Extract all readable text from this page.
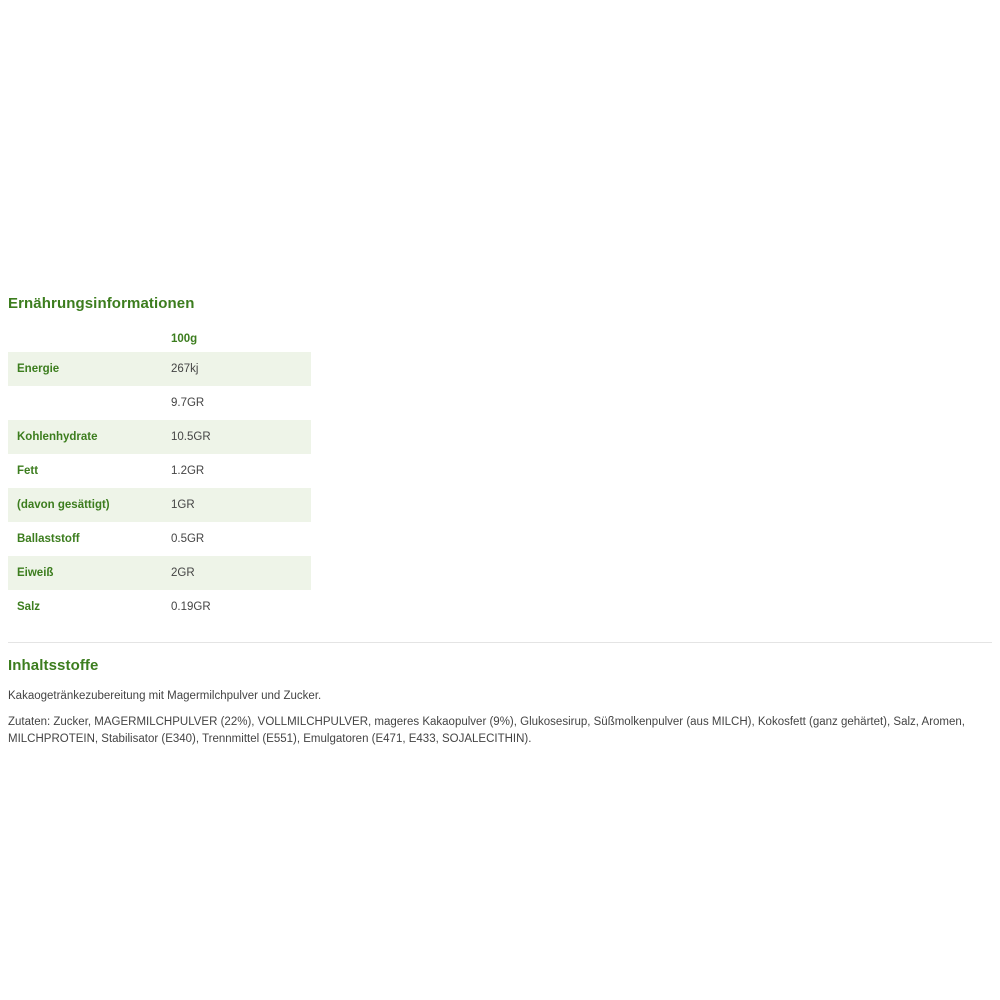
Ernährungsinformationen
	100g
Energie	267kj
	9.7GR
Kohlenhydrate	10.5GR
Fett	1.2GR
(davon gesättigt)	1GR
Ballaststoff	0.5GR
Eiweiß	2GR
Salz	0.19GR
Inhaltsstoffe

Kakaogetränkezubereitung mit Magermilchpulver und Zucker.

Zutaten: Zucker, MAGERMILCHPULVER (22%), VOLLMILCHPULVER, mageres Kakaopulver (9%), Glukosesirup, Süßmolkenpulver (aus MILCH), Kokosfett (ganz gehärtet), Salz, Aromen, MILCHPROTEIN, Stabilisator (E340), Trennmittel (E551), Emulgatoren (E471, E433, SOJALECITHIN).
